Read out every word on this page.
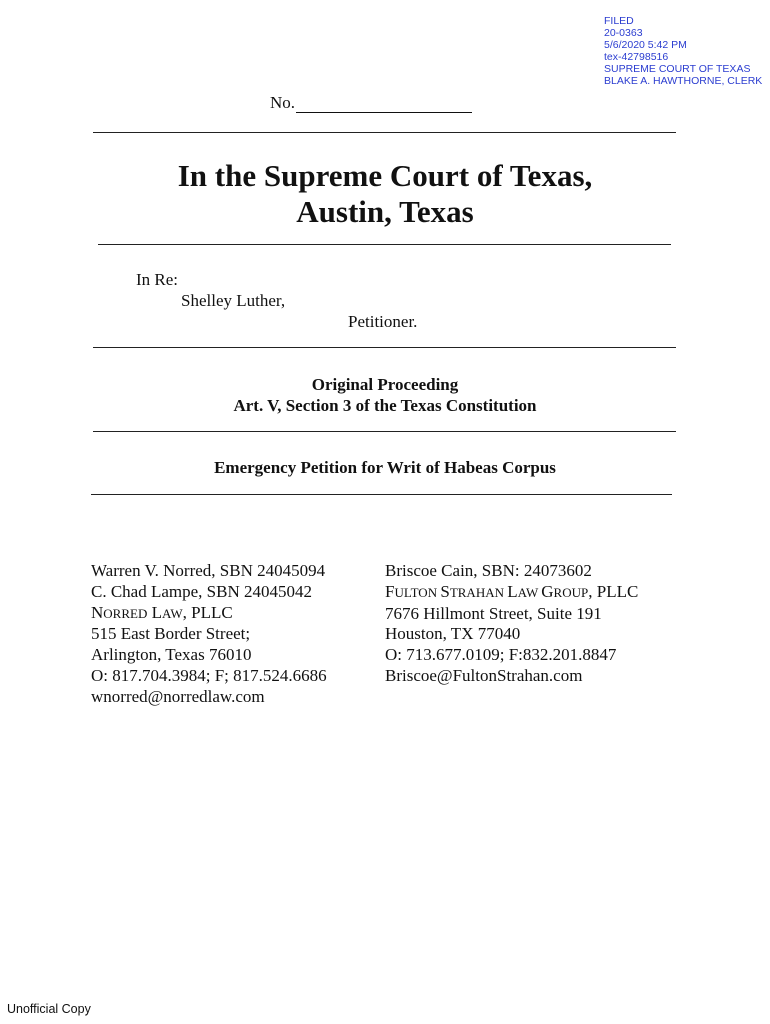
FILED
20-0363
5/6/2020 5:42 PM
tex-42798516
SUPREME COURT OF TEXAS
BLAKE A. HAWTHORNE, CLERK
No.
In the Supreme Court of Texas,
Austin, Texas
In Re:
Shelley Luther,
Petitioner.
Original Proceeding
Art. V, Section 3 of the Texas Constitution
Emergency Petition for Writ of Habeas Corpus
Warren V. Norred, SBN 24045094
C. Chad Lampe, SBN 24045042
NORRED LAW, PLLC
515 East Border Street;
Arlington, Texas 76010
O: 817.704.3984; F; 817.524.6686
wnorred@norredlaw.com
Briscoe Cain, SBN: 24073602
FULTON STRAHAN LAW GROUP, PLLC
7676 Hillmont Street, Suite 191
Houston, TX 77040
O: 713.677.0109; F:832.201.8847
Briscoe@FultonStrahan.com
Unofficial Copy
